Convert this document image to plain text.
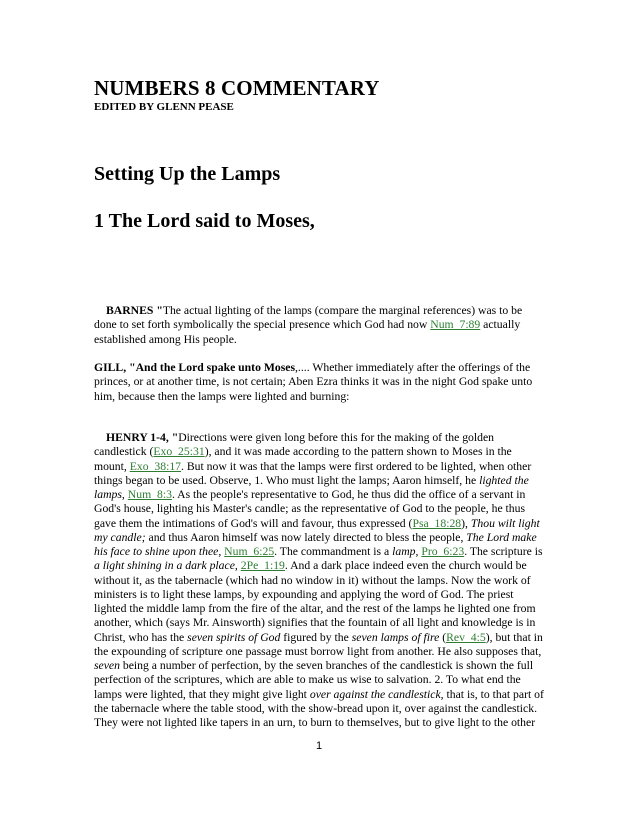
NUMBERS 8 COMMENTARY
EDITED BY GLENN PEASE
Setting Up the Lamps
1 The Lord said to Moses,
BARNES "The actual lighting of the lamps (compare the marginal references) was to be done to set forth symbolically the special presence which God had now Num_7:89 actually established among His people.
GILL, "And the Lord spake unto Moses,.... Whether immediately after the offerings of the princes, or at another time, is not certain; Aben Ezra thinks it was in the night God spake unto him, because then the lamps were lighted and burning:
HENRY 1-4, "Directions were given long before this for the making of the golden candlestick (Exo_25:31), and it was made according to the pattern shown to Moses in the mount, Exo_38:17. But now it was that the lamps were first ordered to be lighted, when other things began to be used. Observe, 1. Who must light the lamps; Aaron himself, he lighted the lamps, Num_8:3. As the people's representative to God, he thus did the office of a servant in God's house, lighting his Master's candle; as the representative of God to the people, he thus gave them the intimations of God's will and favour, thus expressed (Psa_18:28), Thou wilt light my candle; and thus Aaron himself was now lately directed to bless the people, The Lord make his face to shine upon thee, Num_6:25. The commandment is a lamp, Pro_6:23. The scripture is a light shining in a dark place, 2Pe_1:19. And a dark place indeed even the church would be without it, as the tabernacle (which had no window in it) without the lamps. Now the work of ministers is to light these lamps, by expounding and applying the word of God. The priest lighted the middle lamp from the fire of the altar, and the rest of the lamps he lighted one from another, which (says Mr. Ainsworth) signifies that the fountain of all light and knowledge is in Christ, who has the seven spirits of God figured by the seven lamps of fire (Rev_4:5), but that in the expounding of scripture one passage must borrow light from another. He also supposes that, seven being a number of perfection, by the seven branches of the candlestick is shown the full perfection of the scriptures, which are able to make us wise to salvation. 2. To what end the lamps were lighted, that they might give light over against the candlestick, that is, to that part of the tabernacle where the table stood, with the show-bread upon it, over against the candlestick. They were not lighted like tapers in an urn, to burn to themselves, but to give light to the other
1
